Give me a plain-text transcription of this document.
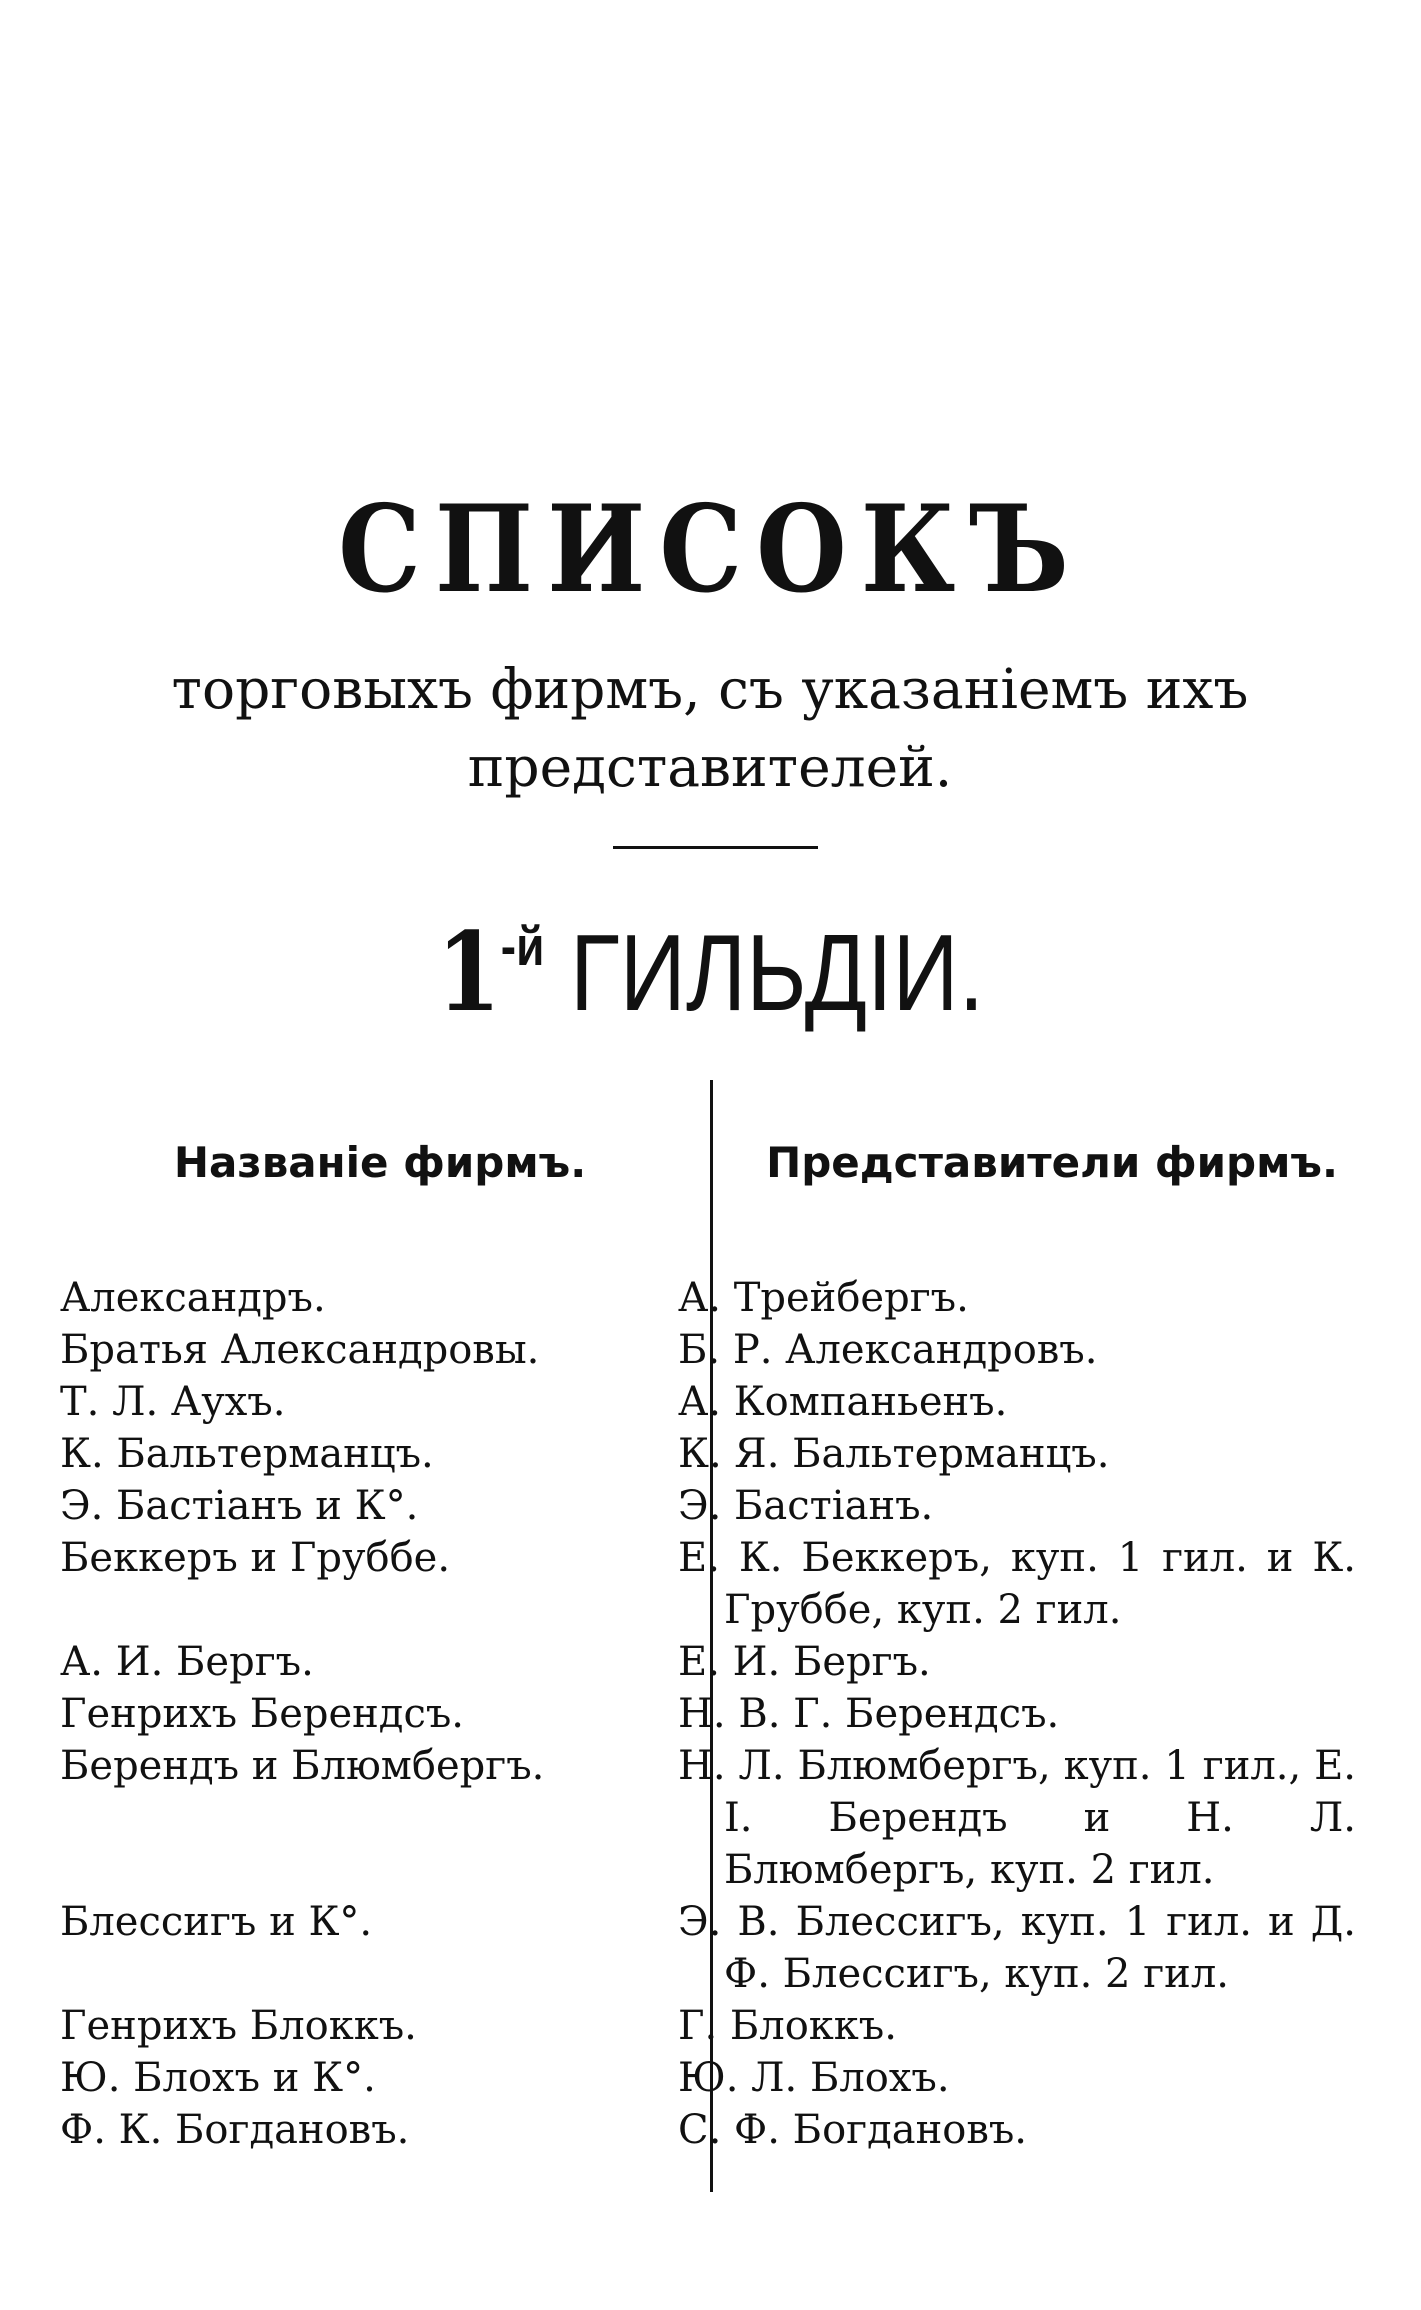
СПИСОКЪ
торговыхъ фирмъ, съ указаніемъ ихъ представителей.
$1^{-й}$ ГИЛЬДІИ.
Названіе фирмъ.	Представители фирмъ.
Александръ.
Братья Александровы.
Т. Л. Аухъ.
К. Бальтерманцъ.
Э. Бастіанъ и К°.
Беккеръ и Груббе.
А. И. Бергъ.
Генрихъ Берендсъ.
Берендъ и Блюмбергъ.
Блессигъ и К°.
Генрихъ Блоккъ.
Ю. Блохъ и К°.
Ф. К. Богдановъ.
А. Трейбергъ.
Б. Р. Александровъ.
А. Компаньенъ.
К. Я. Бальтерманцъ.
Э. Бастіанъ.
Е. К. Беккеръ, куп. 1 гил. и К. Груббе, куп. 2 гил.
Е. И. Бергъ.
Н. В. Г. Берендсъ.
Н. Л. Блюмбергъ, куп. 1 гил., Е. І. Берендъ и Н. Л. Блюмбергъ, куп. 2 гил.
Э. В. Блессигъ, куп. 1 гил. и Д. Ф. Блессигъ, куп. 2 гил.
Г. Блоккъ.
Ю. Л. Блохъ.
С. Ф. Богдановъ.
